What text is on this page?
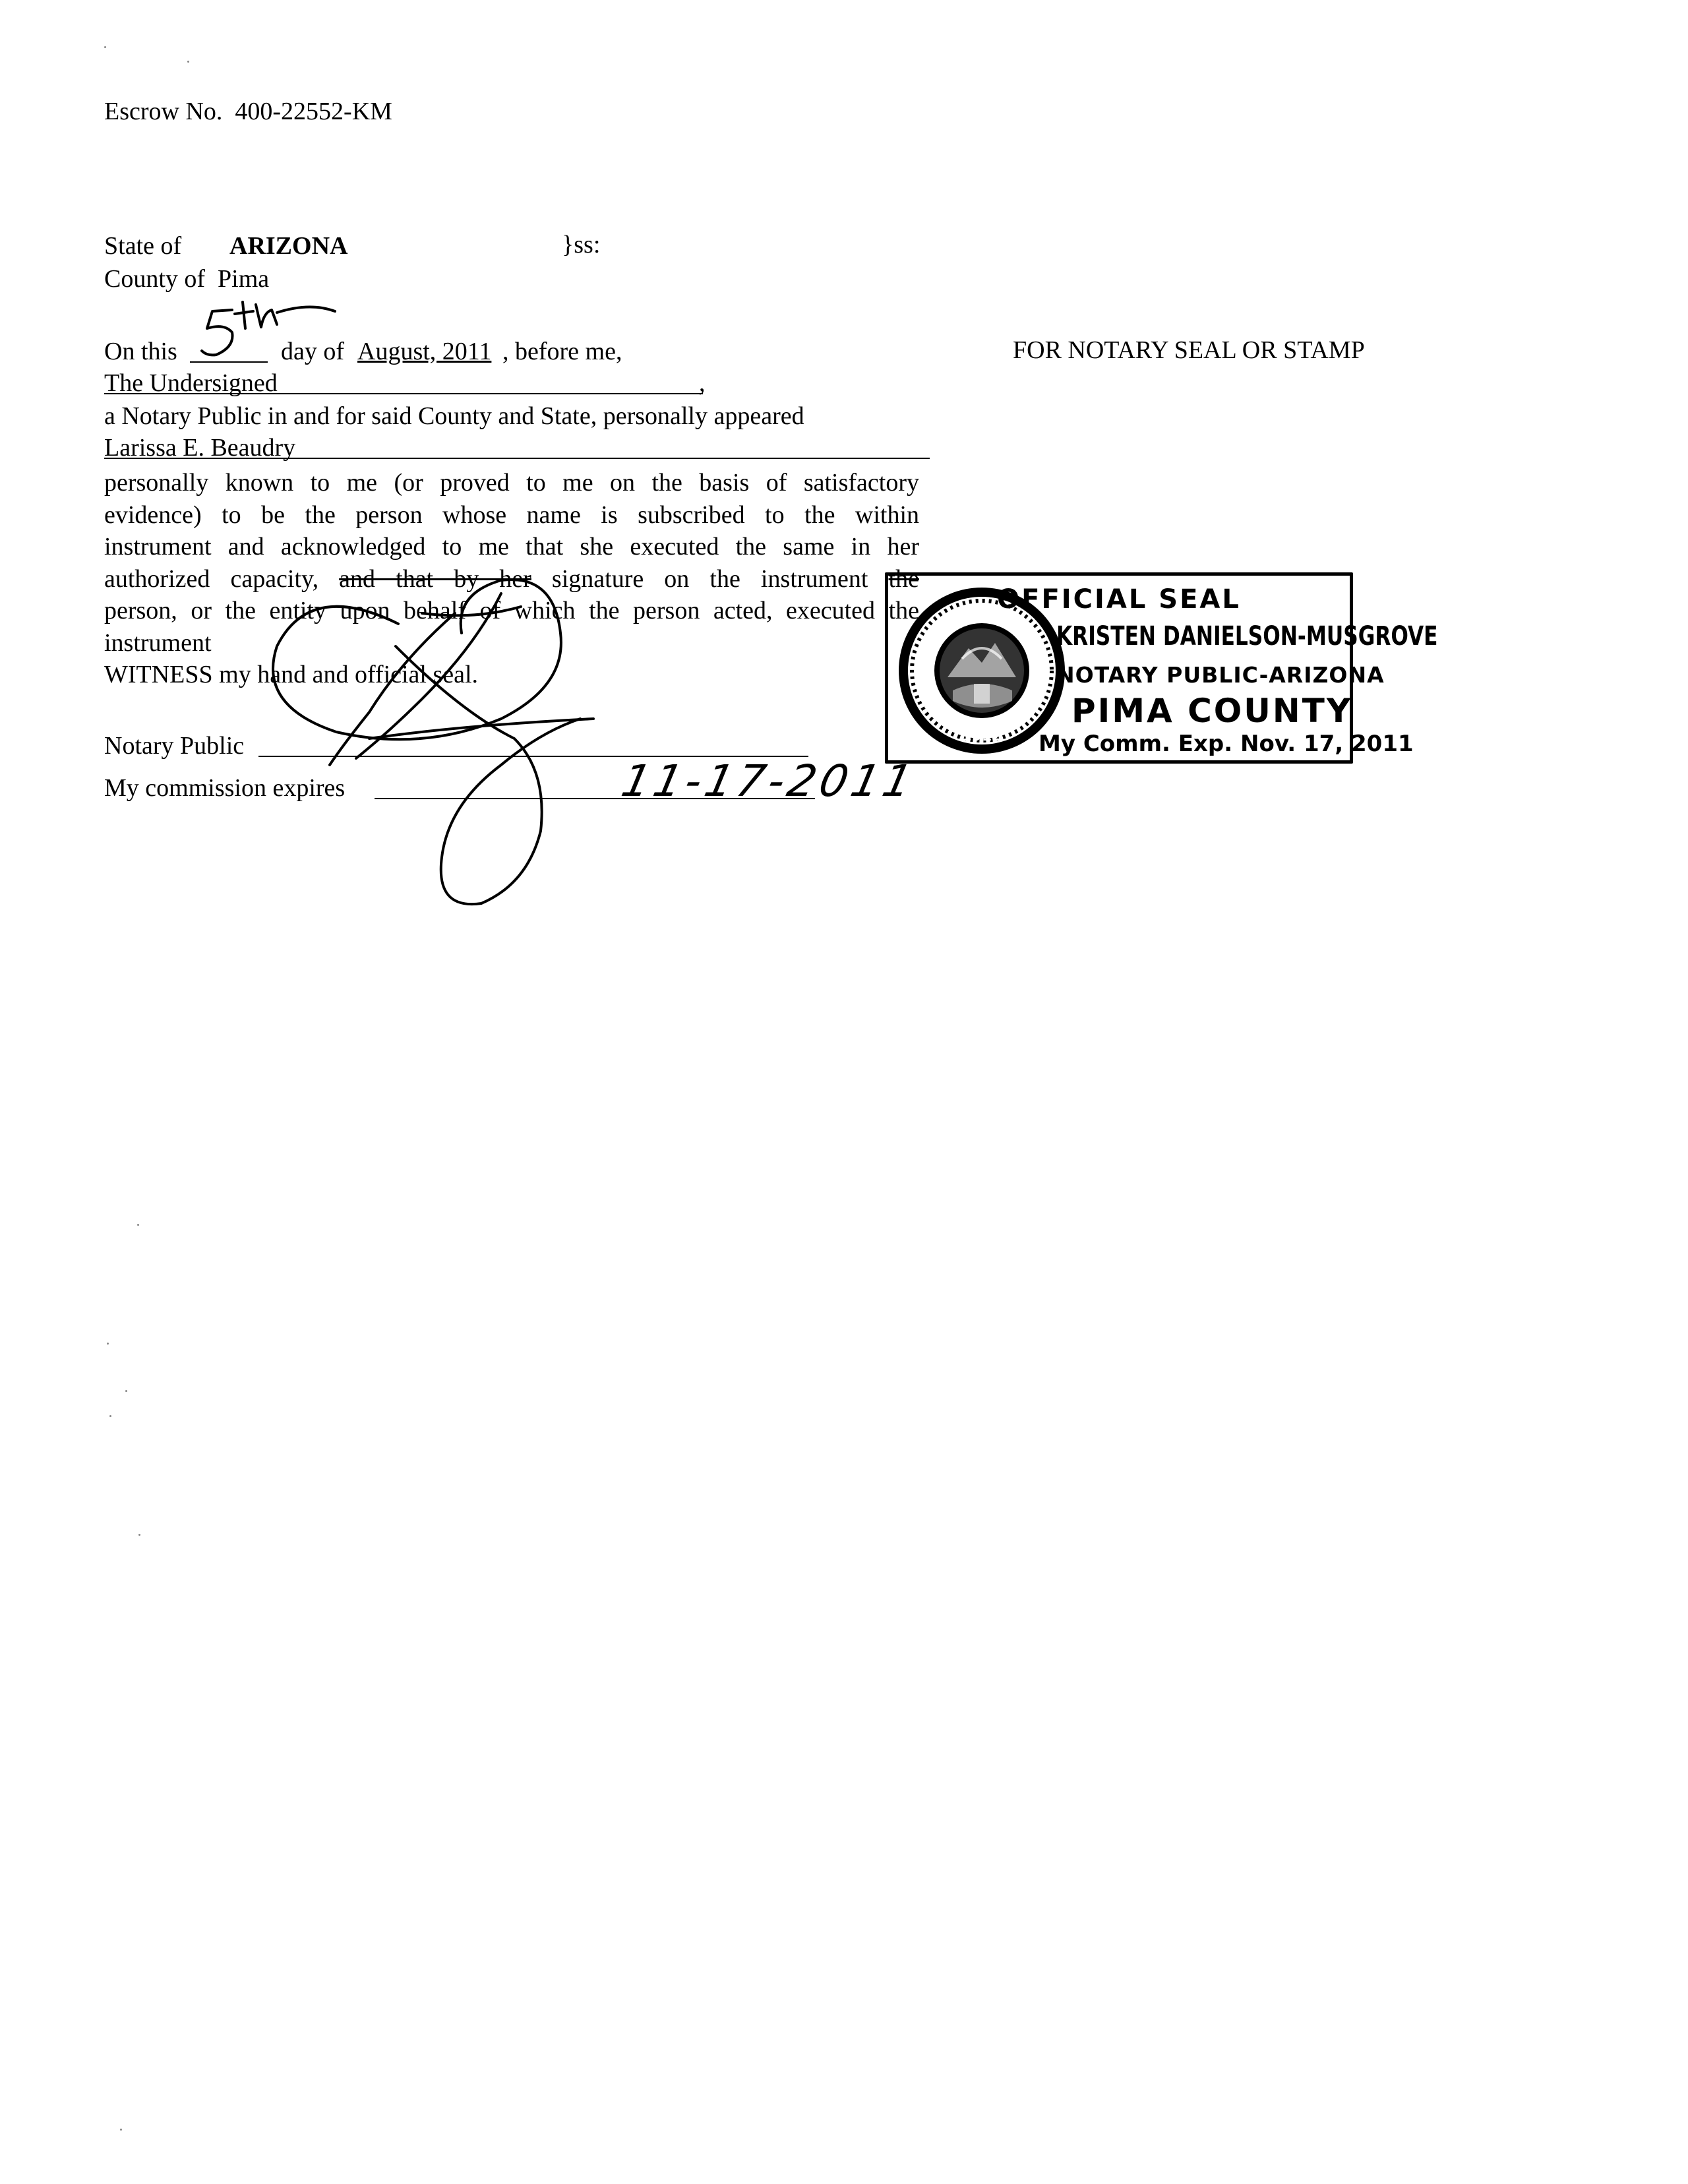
Escrow No. 400-22552-KM
State of ARIZONA	}ss:
County of Pima
On this	day of August, 2011 , before me,	FOR NOTARY SEAL OR STAMP
The Undersigned	,
a Notary Public in and for said County and State, personally appeared
Larissa E. Beaudry
personally known to me (or proved to me on the basis of satisfactory
evidence) to be the person whose name is subscribed to the within
instrument and acknowledged to me that she executed the same in her
authorized capacity, and that by her signature on the instrument the
person, or the entity upon behalf of which the person acted, executed the
instrument
WITNESS my hand and official seal.
Notary Public
My commission expires	11-17-2011
1912
OFFICIAL SEAL
KRISTEN DANIELSON-MUSGROVE
NOTARY PUBLIC-ARIZONA
PIMA COUNTY
My Comm. Exp. Nov. 17, 2011
